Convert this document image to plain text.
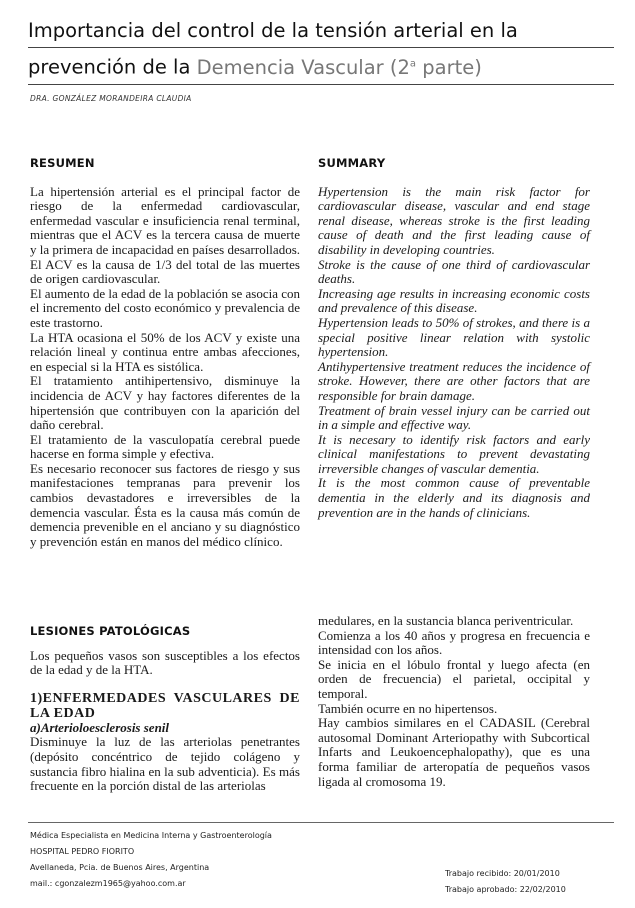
Importancia del control de la tensión arterial en la
prevención de la Demencia Vascular (2$^a$ parte)
DRA. GONZÁLEZ MORANDEIRA CLAUDIA
RESUMEN

La hipertensión arterial es el principal factor de riesgo de la enfermedad cardiovascular, enfermedad vascular e insuficiencia renal terminal, mientras que el ACV es la tercera causa de muerte y la primera de incapacidad en países desarrollados.

El ACV es la causa de 1/3 del total de las muertes de origen cardiovascular.

El aumento de la edad de la población se asocia con el incremento del costo económico y prevalencia de este trastorno.

La HTA ocasiona el 50% de los ACV y existe una relación lineal y continua entre ambas afecciones, en especial si la HTA es sistólica.

El tratamiento antihipertensivo, disminuye la incidencia de ACV y hay factores diferentes de la hipertensión que contribuyen con la aparición del daño cerebral.

El tratamiento de la vasculopatía cerebral puede hacerse en forma simple y efectiva.

Es necesario reconocer sus factores de riesgo y sus manifestaciones tempranas para prevenir los cambios devastadores e irreversibles de la demencia vascular. Ésta es la causa más común de demencia prevenible en el anciano y su diagnóstico y prevención están en manos del médico clínico.

SUMMARY

Hypertension is the main risk factor for cardiovascular disease, vascular and end stage renal disease, whereas stroke is the first leading cause of death and the first leading cause of disability in developing countries.

Stroke is the cause of one third of cardiovascular deaths.

Increasing age results in increasing economic costs and prevalence of this disease.

Hypertension leads to 50% of strokes, and there is a special positive linear relation with systolic hypertension.

Antihypertensive treatment reduces the incidence of stroke. However, there are other factors that are responsible for brain damage.

Treatment of brain vessel injury can be carried out in a simple and effective way.

It is necesary to identify risk factors and early clinical manifestations to prevent devastating irreversible changes of vascular dementia.

It is the most common cause of preventable dementia in the elderly and its diagnosis and prevention are in the hands of clinicians.

LESIONES PATOLÓGICAS

Los pequeños vasos son susceptibles a los efectos de la edad y de la HTA.

1)ENFERMEDADES VASCULARES DE LA EDAD

a)Arterioloesclerosis senil

Disminuye la luz de las arteriolas penetrantes (depósito concéntrico de tejido colágeno y sustancia fibro hialina en la sub adventicia). Es más frecuente en la porción distal de las arteriolas

medulares, en la sustancia blanca periventricular.

Comienza a los 40 años y progresa en frecuencia e intensidad con los años.

Se inicia en el lóbulo frontal y luego afecta (en orden de frecuencia) el parietal, occipital y temporal.

También ocurre en no hipertensos.

Hay cambios similares en el CADASIL (Cerebral autosomal Dominant Arteriopathy with Subcortical Infarts and Leukoencephalopathy), que es una forma familiar de arteropatía de pequeños vasos ligada al cromosoma 19.

Médica Especialista en Medicina Interna y Gastroenterología
HOSPITAL PEDRO FIORITO
Avellaneda, Pcia. de Buenos Aires, Argentina
mail.: cgonzalezm1965@yahoo.com.ar
Trabajo recibido: 20/01/2010
Trabajo aprobado: 22/02/2010
